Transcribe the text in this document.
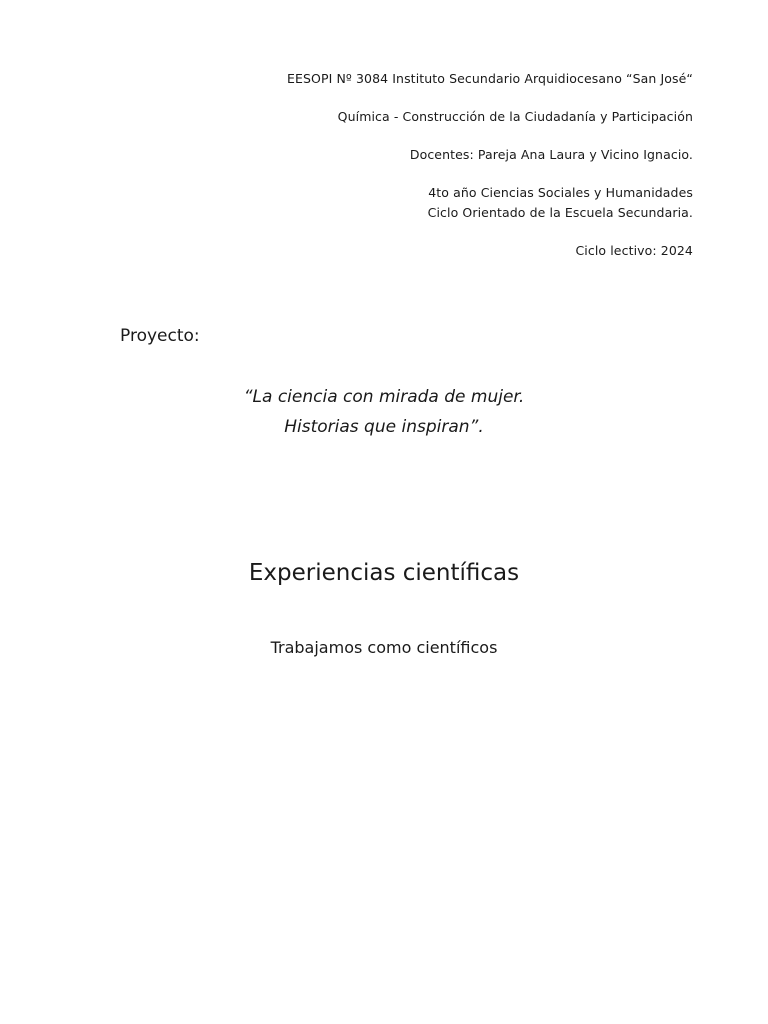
EESOPI Nº 3084 Instituto Secundario Arquidiocesano “San José“

Química - Construcción de la Ciudadanía y Participación

Docentes: Pareja Ana Laura y Vicino Ignacio.

4to año Ciencias Sociales y Humanidades

Ciclo Orientado de la Escuela Secundaria.

Ciclo lectivo: 2024

Proyecto:

“La ciencia con mirada de mujer.
Historias que inspiran”.
Experiencias científicas

Trabajamos como científicos
